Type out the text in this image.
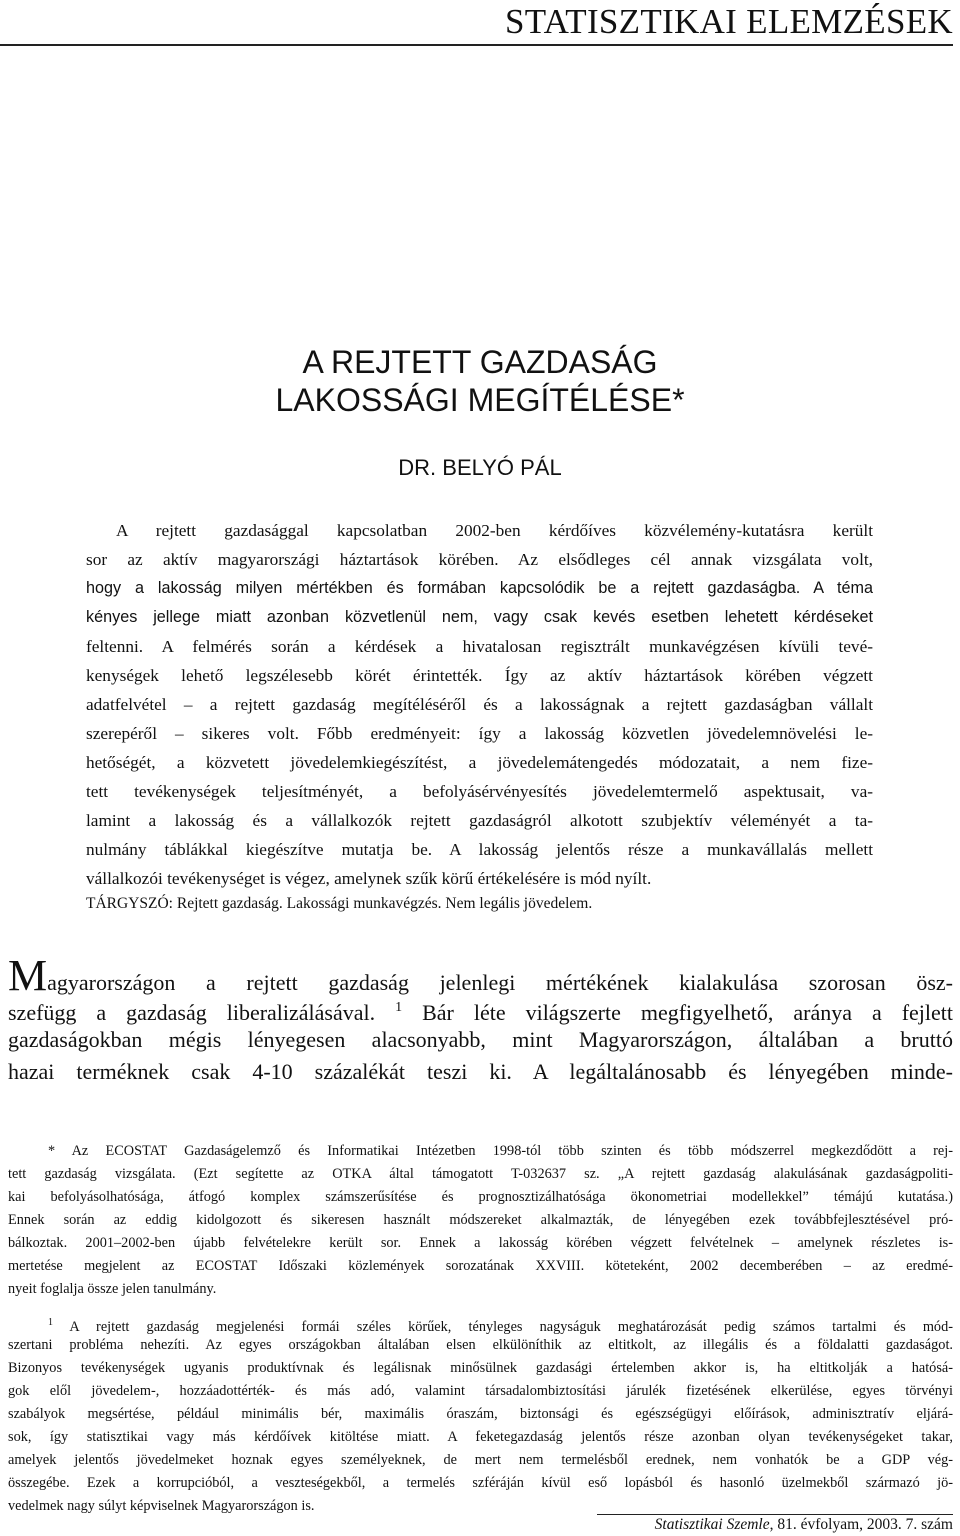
STATISZTIKAI ELEMZÉSEK
A REJTETT GAZDASÁG
LAKOSSÁGI MEGÍTÉLÉSE*
DR. BELYÓ PÁL
A rejtett gazdasággal kapcsolatban 2002-ben kérdőíves közvélemény-kutatásra került
sor az aktív magyarországi háztartások körében. Az elsődleges cél annak vizsgálata volt,
hogy a lakosság milyen mértékben és formában kapcsolódik be a rejtett gazdaságba. A téma
kényes jellege miatt azonban közvetlenül nem, vagy csak kevés esetben lehetett kérdéseket
feltenni. A felmérés során a kérdések a hivatalosan regisztrált munkavégzésen kívüli tevé-
kenységek lehető legszélesebb körét érintették. Így az aktív háztartások körében végzett
adatfelvétel – a rejtett gazdaság megítéléséről és a lakosságnak a rejtett gazdaságban vállalt
szerepéről – sikeres volt. Főbb eredményeit: így a lakosság közvetlen jövedelemnövelési le-
hetőségét, a közvetett jövedelemkiegészítést, a jövedelemátengedés módozatait, a nem fize-
tett tevékenységek teljesítményét, a befolyásérvényesítés jövedelemtermelő aspektusait, va-
lamint a lakosság és a vállalkozók rejtett gazdaságról alkotott szubjektív véleményét a ta-
nulmány táblákkal kiegészítve mutatja be. A lakosság jelentős része a munkavállalás mellett
vállalkozói tevékenységet is végez, amelynek szűk körű értékelésére is mód nyílt.
TÁRGYSZÓ: Rejtett gazdaság. Lakossági munkavégzés. Nem legális jövedelem.
Magyarországon a rejtett gazdaság jelenlegi mértékének kialakulása szorosan ösz-
szefügg a gazdaság liberalizálásával. $^1$ Bár léte világszerte megfigyelhető, aránya a fejlett
gazdaságokban mégis lényegesen alacsonyabb, mint Magyarországon, általában a bruttó
hazai terméknek csak 4-10 százalékát teszi ki. A legáltalánosabb és lényegében minde-
* Az ECOSTAT Gazdaságelemző és Informatikai Intézetben 1998-tól több szinten és több módszerrel megkezdődött a rej-
tett gazdaság vizsgálata. (Ezt segítette az OTKA által támogatott T-032637 sz. „A rejtett gazdaság alakulásának gazdaságpoliti-
kai befolyásolhatósága, átfogó komplex számszerűsítése és prognosztizálhatósága ökonometriai modellekkel” témájú kutatása.)
Ennek során az eddig kidolgozott és sikeresen használt módszereket alkalmazták, de lényegében ezek továbbfejlesztésével pró-
bálkoztak. 2001–2002-ben újabb felvételekre került sor. Ennek a lakosság körében végzett felvételnek – amelynek részletes is-
mertetése megjelent az ECOSTAT Időszaki közlemények sorozatának XXVIII. köteteként, 2002 decemberében – az eredmé-
nyeit foglalja össze jelen tanulmány.
$^1$ A rejtett gazdaság megjelenési formái széles körűek, tényleges nagyságuk meghatározását pedig számos tartalmi és mód-
szertani probléma nehezíti. Az egyes országokban általában elsen elkülöníthik az eltitkolt, az illegális és a földalatti gazdaságot.
Bizonyos tevékenységek ugyanis produktívnak és legálisnak minősülnek gazdasági értelemben akkor is, ha eltitkolják a hatósá-
gok elől jövedelem-, hozzáadottérték- és más adó, valamint társadalombiztosítási járulék fizetésének elkerülése, egyes törvényi
szabályok megsértése, például minimális bér, maximális óraszám, biztonsági és egészségügyi előírások, adminisztratív eljárá-
sok, így statisztikai vagy más kérdőívek kitöltése miatt. A feketegazdaság jelentős része azonban olyan tevékenységeket takar,
amelyek jelentős jövedelmeket hoznak egyes személyeknek, de mert nem termelésből erednek, nem vonhatók be a GDP vég-
összegébe. Ezek a korrupcióból, a veszteségekből, a termelés szféráján kívül eső lopásból és hasonló üzelmekből származó jö-
vedelmek nagy súlyt képviselnek Magyarországon is.
Statisztikai Szemle, 81. évfolyam, 2003. 7. szám
